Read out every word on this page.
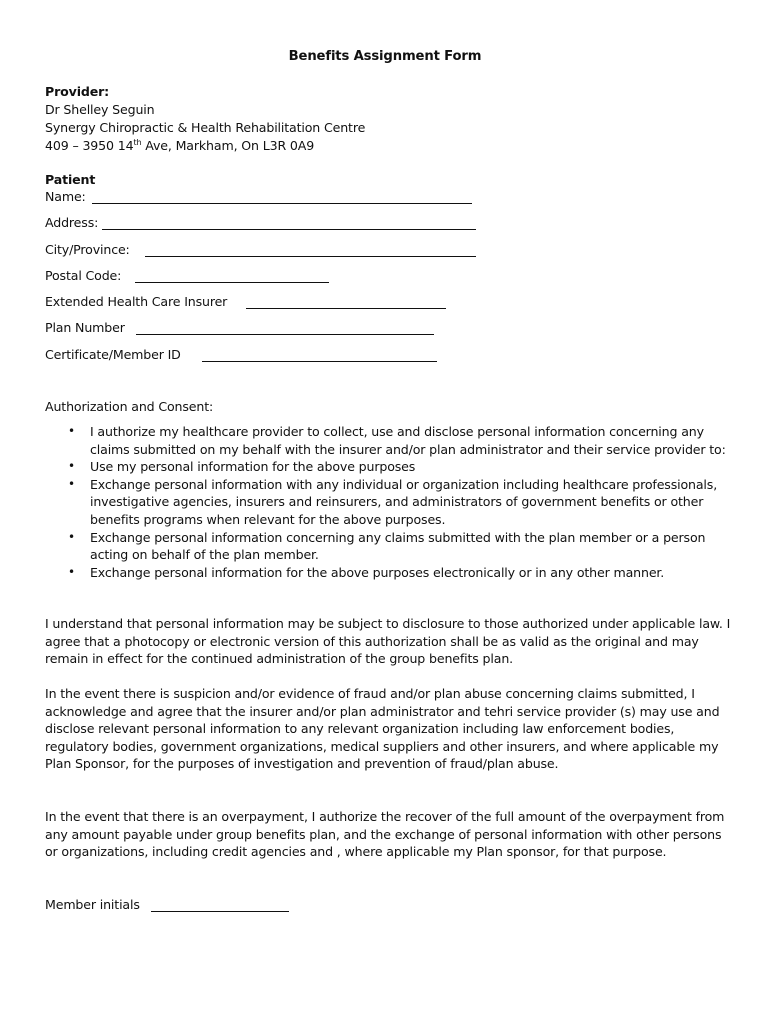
Benefits Assignment Form
Provider:
Dr Shelley Seguin
Synergy Chiropractic & Health Rehabilitation Centre
409 – 3950 14th Ave, Markham, On L3R 0A9
Patient
Name:
Address:
City/Province:
Postal Code:
Extended Health Care Insurer
Plan Number
Certificate/Member ID
Authorization and Consent:
• I authorize my healthcare provider to collect, use and disclose personal information concerning any claims submitted on my behalf with the insurer and/or plan administrator and their service provider to:
• Use my personal information for the above purposes
• Exchange personal information with any individual or organization including healthcare professionals, investigative agencies, insurers and reinsurers, and administrators of government benefits or other benefits programs when relevant for the above purposes.
• Exchange personal information concerning any claims submitted with the plan member or a person acting on behalf of the plan member.
• Exchange personal information for the above purposes electronically or in any other manner.

I understand that personal information may be subject to disclosure to those authorized under applicable law. I agree that a photocopy or electronic version of this authorization shall be as valid as the original and may remain in effect for the continued administration of the group benefits plan.

In the event there is suspicion and/or evidence of fraud and/or plan abuse concerning claims submitted, I acknowledge and agree that the insurer and/or plan administrator and tehri service provider (s) may use and disclose relevant personal information to any relevant organization including law enforcement bodies, regulatory bodies, government organizations, medical suppliers and other insurers, and where applicable my Plan Sponsor, for the purposes of investigation and prevention of fraud/plan abuse.

In the event that there is an overpayment, I authorize the recover of the full amount of the overpayment from any amount payable under group benefits plan, and the exchange of personal information with other persons or organizations, including credit agencies and , where applicable my Plan sponsor, for that purpose.

Member initials
